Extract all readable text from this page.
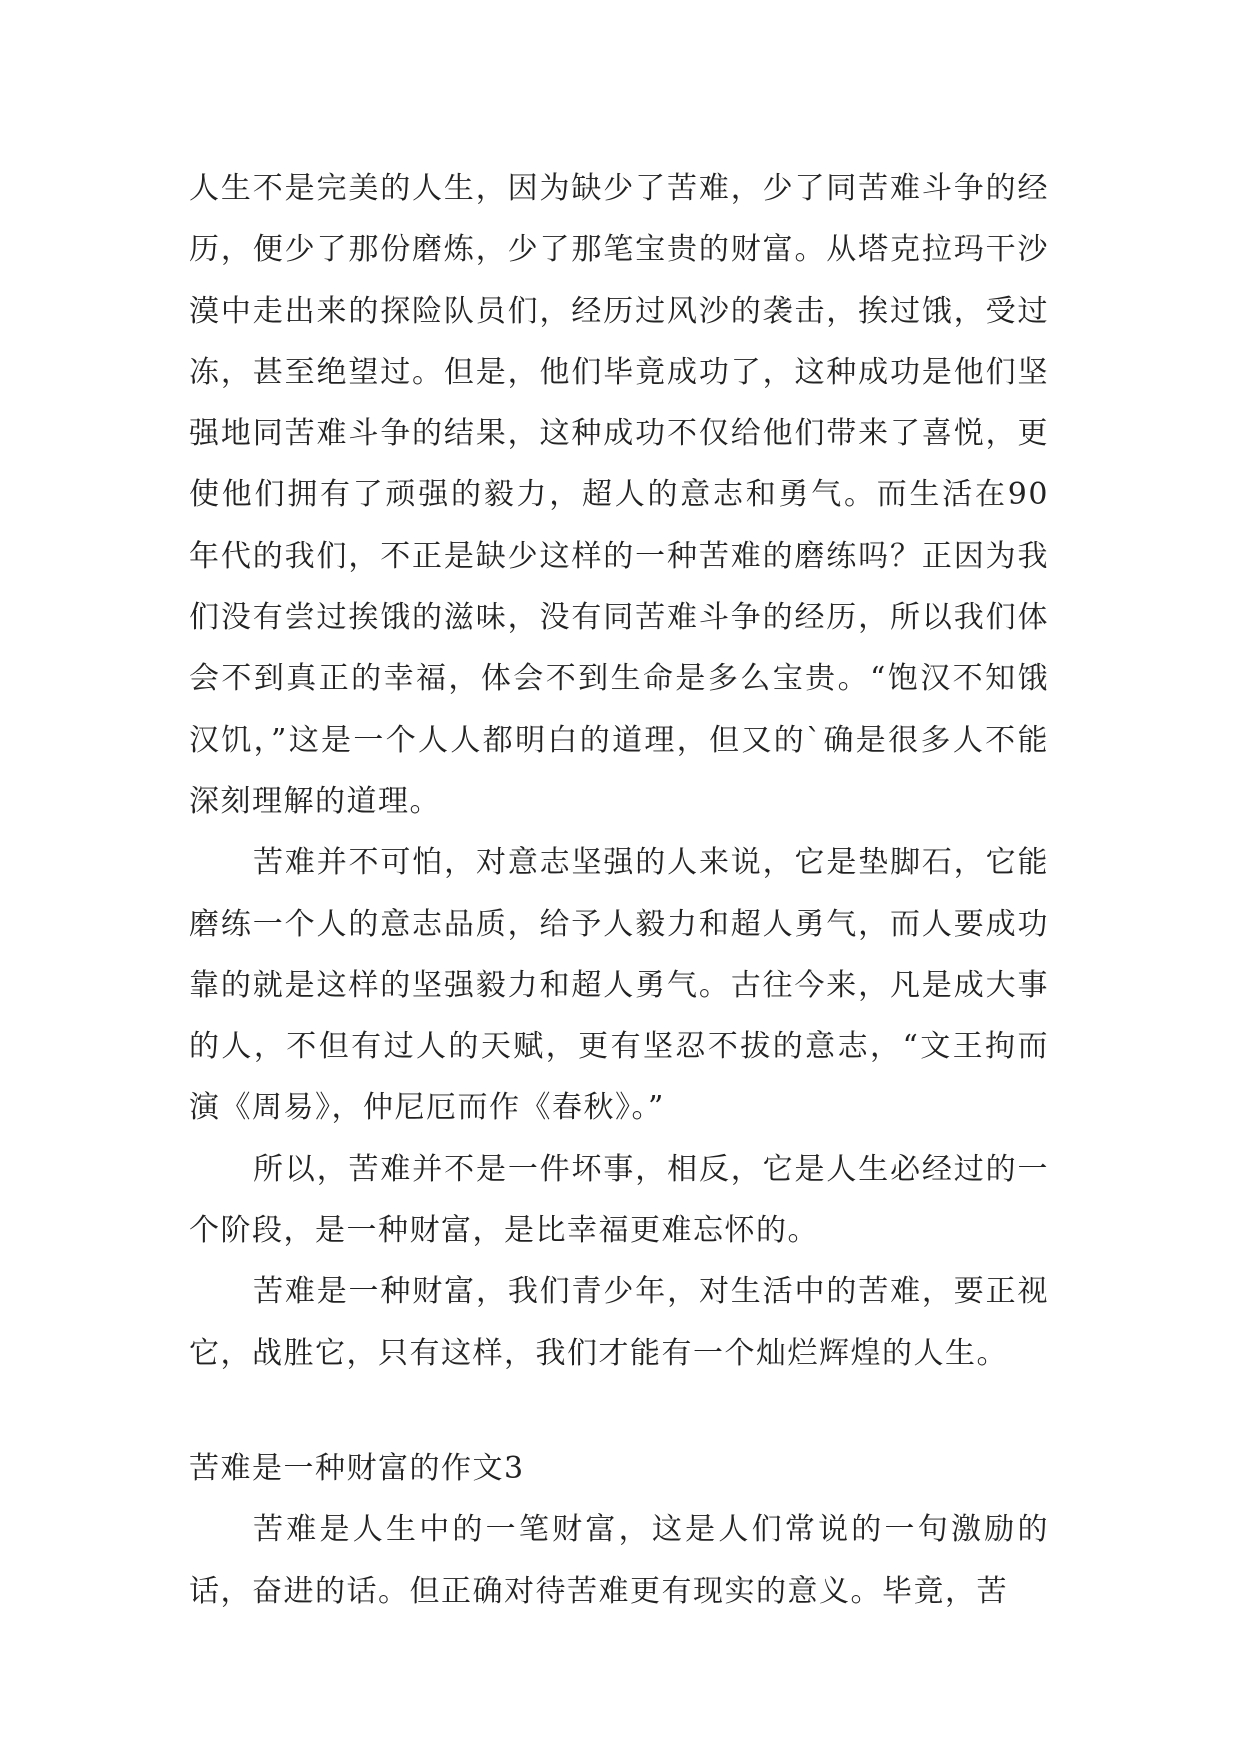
人生不是完美的人生，因为缺少了苦难，少了同苦难斗争的经历，便少了那份磨炼，少了那笔宝贵的财富。从塔克拉玛干沙漠中走出来的探险队员们，经历过风沙的袭击，挨过饿，受过冻，甚至绝望过。但是，他们毕竟成功了，这种成功是他们坚强地同苦难斗争的结果，这种成功不仅给他们带来了喜悦，更使他们拥有了顽强的毅力，超人的意志和勇气。而生活在90年代的我们，不正是缺少这样的一种苦难的磨练吗？正因为我们没有尝过挨饿的滋味，没有同苦难斗争的经历，所以我们体会不到真正的幸福，体会不到生命是多么宝贵。“饱汉不知饿汉饥，”这是一个人人都明白的道理，但又的`确是很多人不能深刻理解的道理。

苦难并不可怕，对意志坚强的人来说，它是垫脚石，它能磨练一个人的意志品质，给予人毅力和超人勇气，而人要成功靠的就是这样的坚强毅力和超人勇气。古往今来，凡是成大事的人，不但有过人的天赋，更有坚忍不拔的意志，“文王拘而演《周易》，仲尼厄而作《春秋》。”

所以，苦难并不是一件坏事，相反，它是人生必经过的一个阶段，是一种财富，是比幸福更难忘怀的。

苦难是一种财富，我们青少年，对生活中的苦难，要正视它，战胜它，只有这样，我们才能有一个灿烂辉煌的人生。

苦难是一种财富的作文3

苦难是人生中的一笔财富，这是人们常说的一句激励的话，奋进的话。但正确对待苦难更有现实的意义。毕竟，苦
